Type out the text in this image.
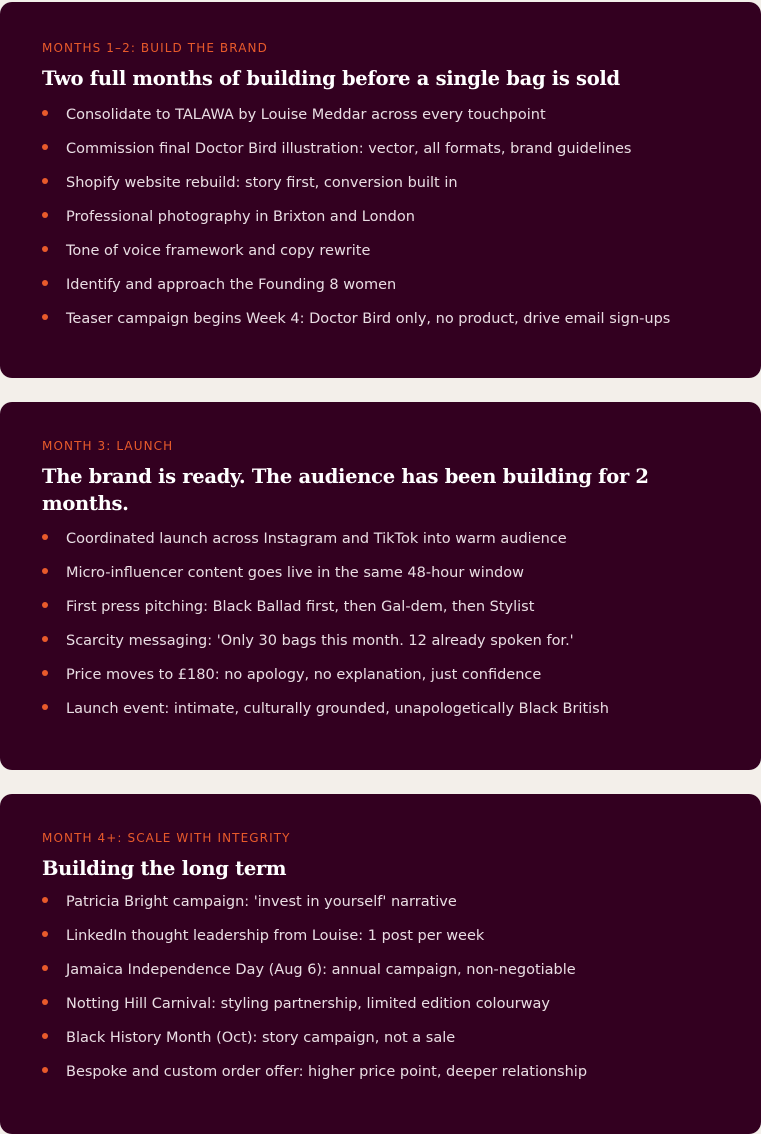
MONTHS 1–2: BUILD THE BRAND

Two full months of building before a single bag is sold
Consolidate to TALAWA by Louise Meddar across every touchpoint
Commission final Doctor Bird illustration: vector, all formats, brand guidelines
Shopify website rebuild: story first, conversion built in
Professional photography in Brixton and London
Tone of voice framework and copy rewrite
Identify and approach the Founding 8 women
Teaser campaign begins Week 4: Doctor Bird only, no product, drive email sign-ups

MONTH 3: LAUNCH

The brand is ready. The audience has been building for 2 months.
Coordinated launch across Instagram and TikTok into warm audience
Micro-influencer content goes live in the same 48-hour window
First press pitching: Black Ballad first, then Gal-dem, then Stylist
Scarcity messaging: 'Only 30 bags this month. 12 already spoken for.'
Price moves to £180: no apology, no explanation, just confidence
Launch event: intimate, culturally grounded, unapologetically Black British

MONTH 4+: SCALE WITH INTEGRITY

Building the long term
Patricia Bright campaign: 'invest in yourself' narrative
LinkedIn thought leadership from Louise: 1 post per week
Jamaica Independence Day (Aug 6): annual campaign, non-negotiable
Notting Hill Carnival: styling partnership, limited edition colourway
Black History Month (Oct): story campaign, not a sale
Bespoke and custom order offer: higher price point, deeper relationship
